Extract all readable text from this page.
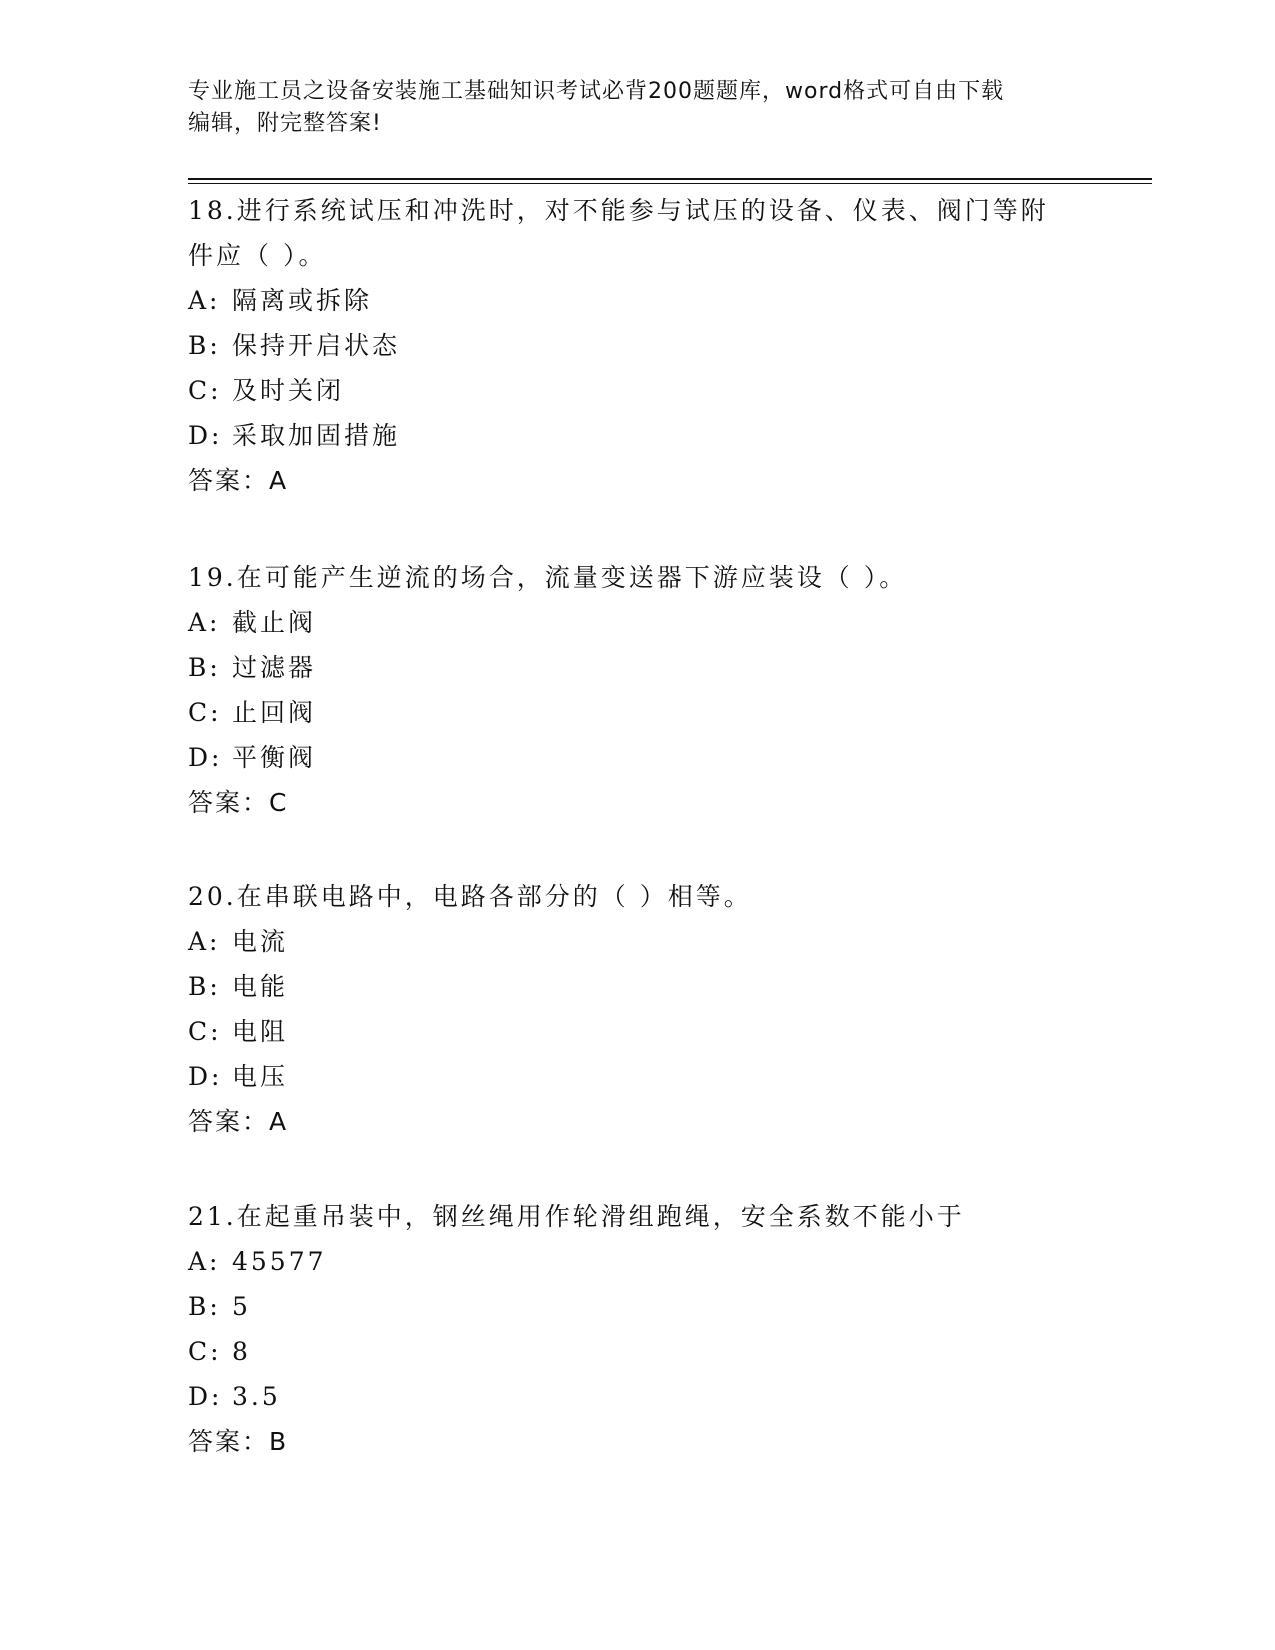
专业施工员之设备安装施工基础知识考试必背200题题库，word格式可自由下载
编辑，附完整答案!

18.进行系统试压和冲洗时，对不能参与试压的设备、仪表、阀门等附

件应（ ）。

A: 隔离或拆除

B: 保持开启状态

C: 及时关闭

D: 采取加固措施

答案：A

19.在可能产生逆流的场合，流量变送器下游应装设（ ）。

A: 截止阀

B: 过滤器

C: 止回阀

D: 平衡阀

答案：C

20.在串联电路中，电路各部分的（ ）相等。

A: 电流

B: 电能

C: 电阻

D: 电压

答案：A

21.在起重吊装中，钢丝绳用作轮滑组跑绳，安全系数不能小于

A: 45577

B: 5

C: 8

D: 3.5

答案：B
